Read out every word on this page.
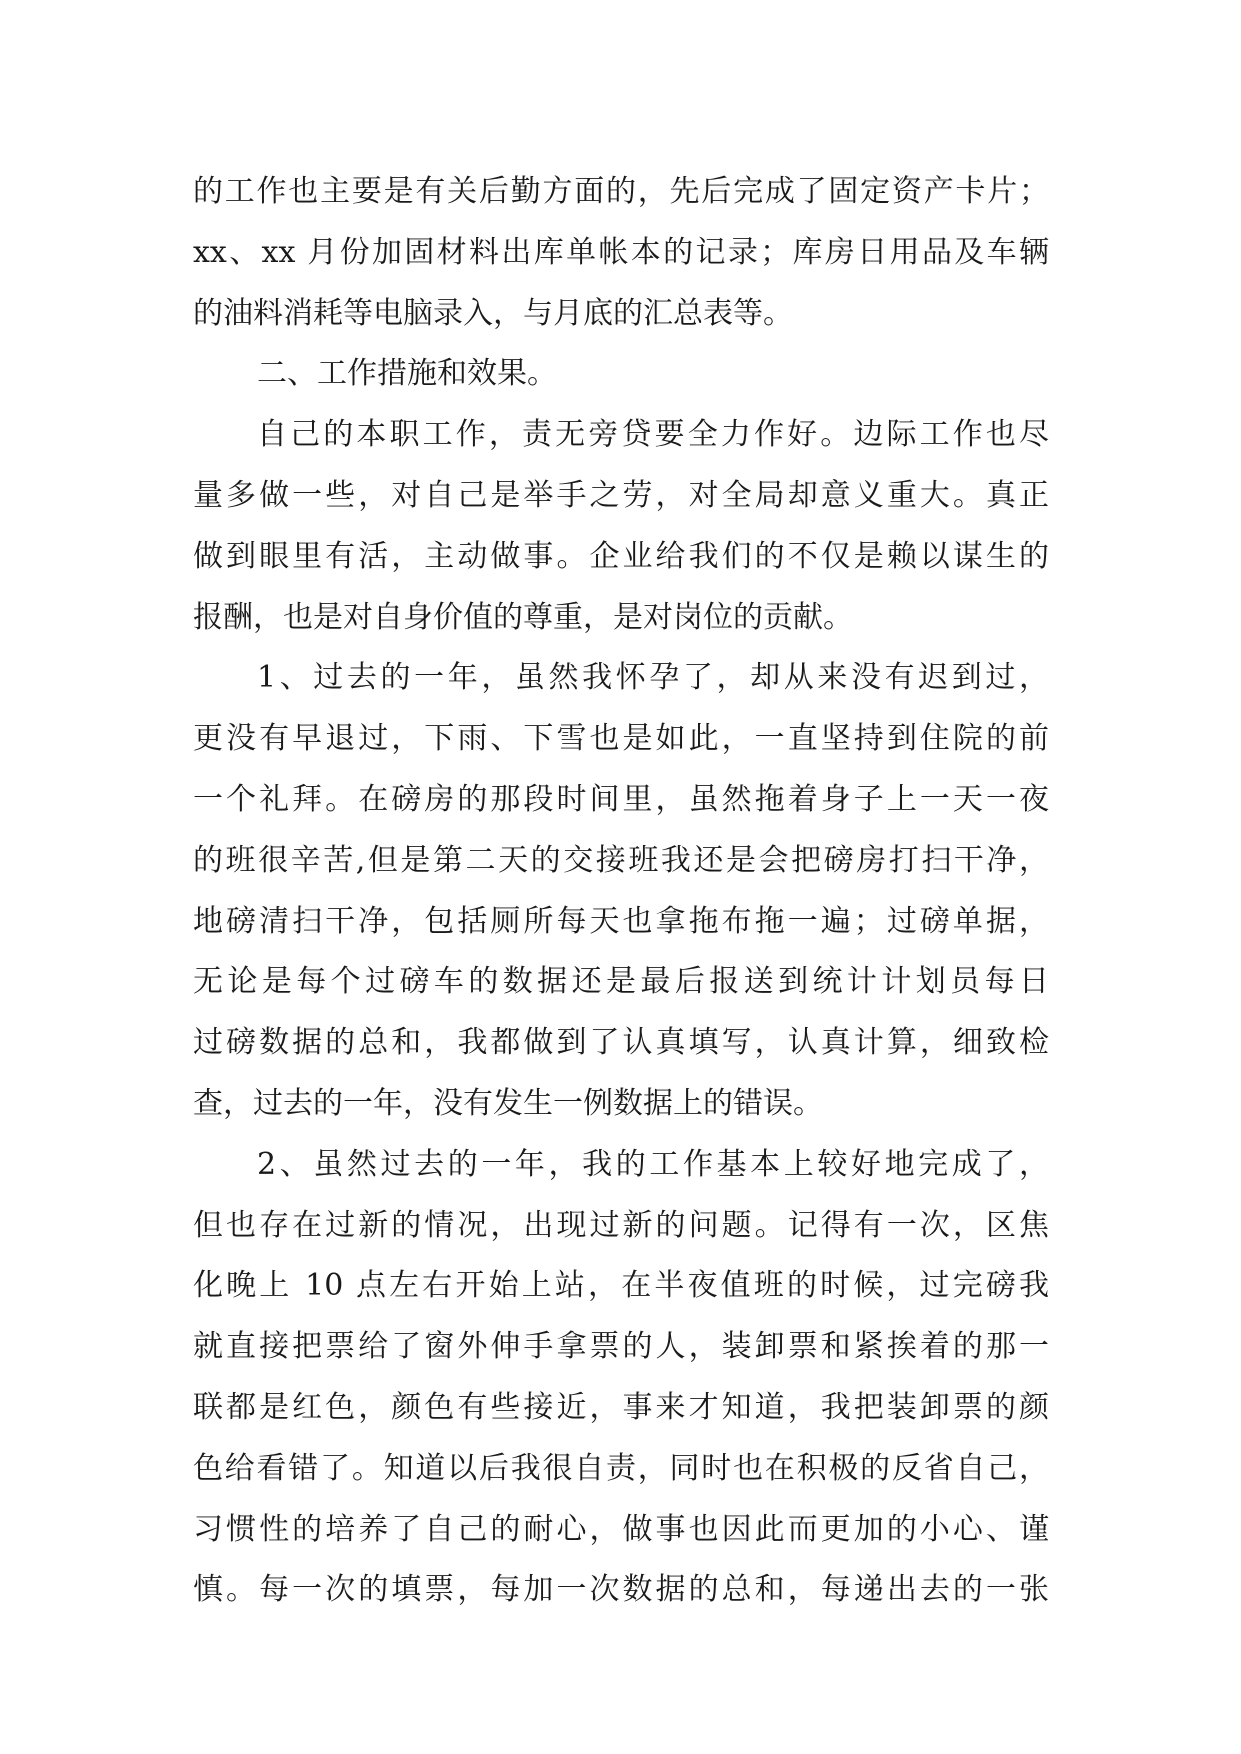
的工作也主要是有关后勤方面的，先后完成了固定资产卡片；
xx、xx 月份加固材料出库单帐本的记录；库房日用品及车辆
的油料消耗等电脑录入，与月底的汇总表等。
二、工作措施和效果。
自己的本职工作，责无旁贷要全力作好。边际工作也尽
量多做一些，对自己是举手之劳，对全局却意义重大。真正
做到眼里有活，主动做事。企业给我们的不仅是赖以谋生的
报酬，也是对自身价值的尊重，是对岗位的贡献。
1、过去的一年，虽然我怀孕了，却从来没有迟到过，
更没有早退过，下雨、下雪也是如此，一直坚持到住院的前
一个礼拜。在磅房的那段时间里，虽然拖着身子上一天一夜
的班很辛苦,但是第二天的交接班我还是会把磅房打扫干净，
地磅清扫干净，包括厕所每天也拿拖布拖一遍；过磅单据，
无论是每个过磅车的数据还是最后报送到统计计划员每日
过磅数据的总和，我都做到了认真填写，认真计算，细致检
查，过去的一年，没有发生一例数据上的错误。
2、虽然过去的一年，我的工作基本上较好地完成了，
但也存在过新的情况，出现过新的问题。记得有一次，区焦
化晚上 10 点左右开始上站，在半夜值班的时候，过完磅我
就直接把票给了窗外伸手拿票的人，装卸票和紧挨着的那一
联都是红色，颜色有些接近，事来才知道，我把装卸票的颜
色给看错了。知道以后我很自责，同时也在积极的反省自己，
习惯性的培养了自己的耐心，做事也因此而更加的小心、谨
慎。每一次的填票，每加一次数据的总和，每递出去的一张
